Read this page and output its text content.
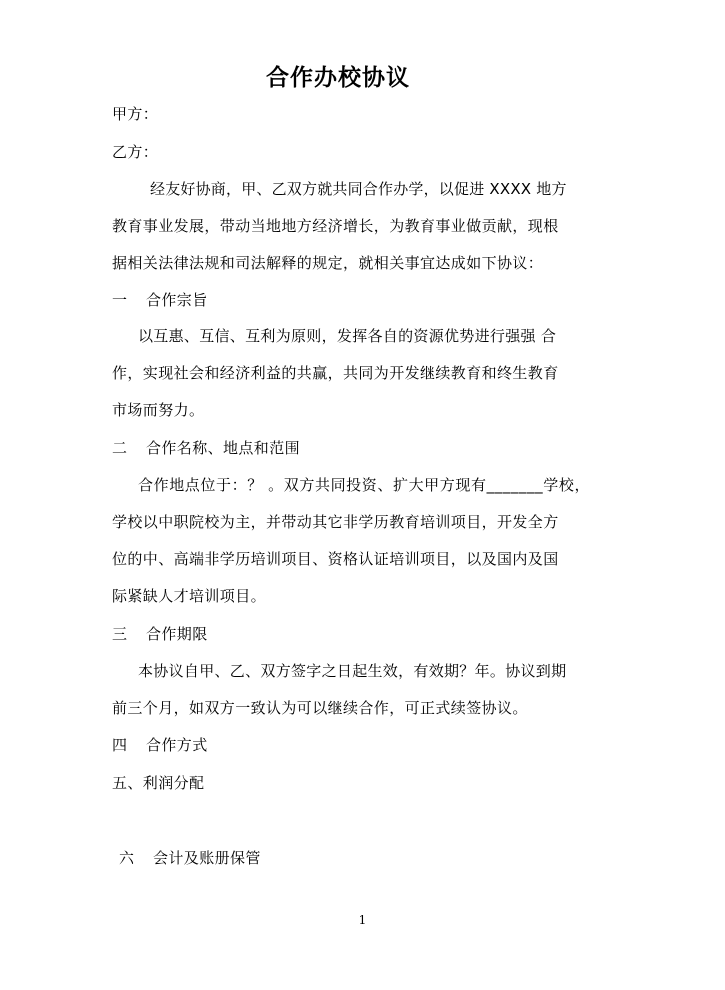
合作办校协议
甲方：
乙方：
经友好协商，甲、乙双方就共同合作办学，以促进 XXXX 地方
教育事业发展，带动当地地方经济增长，为教育事业做贡献，现根
据相关法律法规和司法解释的规定，就相关事宜达成如下协议：
一 合作宗旨
以互惠、互信、互利为原则，发挥各自的资源优势进行强强 合
作，实现社会和经济利益的共赢，共同为开发继续教育和终生教育
市场而努力。
二 合作名称、地点和范围
合作地点位于：？ 。双方共同投资、扩大甲方现有_______学校，
学校以中职院校为主，并带动其它非学历教育培训项目，开发全方
位的中、高端非学历培训项目、资格认证培训项目，以及国内及国
际紧缺人才培训项目。
三 合作期限
本协议自甲、乙、双方签字之日起生效，有效期？年。协议到期
前三个月，如双方一致认为可以继续合作，可正式续签协议。
四 合作方式
五、利润分配
六 会计及账册保管
1
